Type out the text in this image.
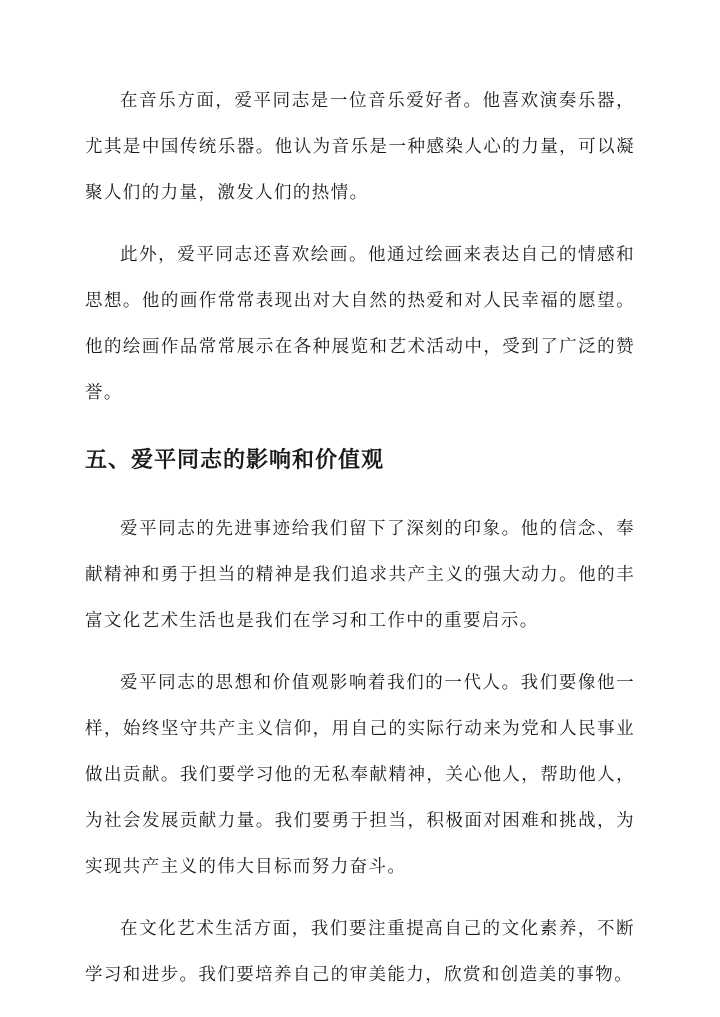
在音乐方面，爱平同志是一位音乐爱好者。他喜欢演奏乐器，尤其是中国传统乐器。他认为音乐是一种感染人心的力量，可以凝聚人们的力量，激发人们的热情。

此外，爱平同志还喜欢绘画。他通过绘画来表达自己的情感和思想。他的画作常常表现出对大自然的热爱和对人民幸福的愿望。他的绘画作品常常展示在各种展览和艺术活动中，受到了广泛的赞誉。

五、爱平同志的影响和价值观

爱平同志的先进事迹给我们留下了深刻的印象。他的信念、奉献精神和勇于担当的精神是我们追求共产主义的强大动力。他的丰富文化艺术生活也是我们在学习和工作中的重要启示。

爱平同志的思想和价值观影响着我们的一代人。我们要像他一样，始终坚守共产主义信仰，用自己的实际行动来为党和人民事业做出贡献。我们要学习他的无私奉献精神，关心他人，帮助他人，为社会发展贡献力量。我们要勇于担当，积极面对困难和挑战，为实现共产主义的伟大目标而努力奋斗。

在文化艺术生活方面，我们要注重提高自己的文化素养，不断学习和进步。我们要培养自己的审美能力，欣赏和创造美的事物。
